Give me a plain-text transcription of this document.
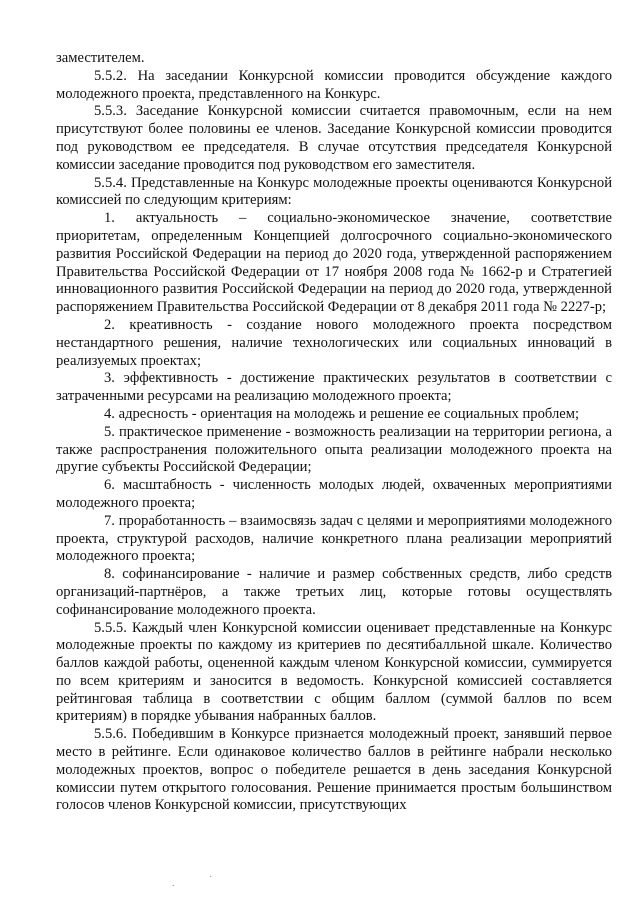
заместителем.

5.5.2. На заседании Конкурсной комиссии проводится обсуждение каждого молодежного проекта, представленного на Конкурс.

5.5.3. Заседание Конкурсной комиссии считается правомочным, если на нем присутствуют более половины ее членов. Заседание Конкурсной комиссии проводится под руководством ее председателя. В случае отсутствия председателя Конкурсной комиссии заседание проводится под руководством его заместителя.

5.5.4. Представленные на Конкурс молодежные проекты оцениваются Конкурсной комиссией по следующим критериям:

1. актуальность – социально-экономическое значение, соответствие приоритетам, определенным Концепцией долгосрочного социально-экономического развития Российской Федерации на период до 2020 года, утвержденной распоряжением Правительства Российской Федерации от 17 ноября 2008 года № 1662-р и Стратегией инновационного развития Российской Федерации на период до 2020 года, утвержденной распоряжением Правительства Российской Федерации от 8 декабря 2011 года № 2227-р;

2. креативность - создание нового молодежного проекта посредством нестандартного решения, наличие технологических или социальных инноваций в реализуемых проектах;

3. эффективность - достижение практических результатов в соответствии с затраченными ресурсами на реализацию молодежного проекта;

4. адресность - ориентация на молодежь и решение ее социальных проблем;

5. практическое применение - возможность реализации на территории региона, а также распространения положительного опыта реализации молодежного проекта на другие субъекты Российской Федерации;

6. масштабность - численность молодых людей, охваченных мероприятиями молодежного проекта;

7. проработанность – взаимосвязь задач с целями и мероприятиями молодежного проекта, структурой расходов, наличие конкретного плана реализации мероприятий молодежного проекта;

8. софинансирование - наличие и размер собственных средств, либо средств организаций-партнёров, а также третьих лиц, которые готовы осуществлять софинансирование молодежного проекта.

5.5.5. Каждый член Конкурсной комиссии оценивает представленные на Конкурс молодежные проекты по каждому из критериев по десятибалльной шкале. Количество баллов каждой работы, оцененной каждым членом Конкурсной комиссии, суммируется по всем критериям и заносится в ведомость. Конкурсной комиссией составляется рейтинговая таблица в соответствии с общим баллом (суммой баллов по всем критериям) в порядке убывания набранных баллов.

5.5.6. Победившим в Конкурсе признается молодежный проект, занявший первое место в рейтинге. Если одинаковое количество баллов в рейтинге набрали несколько молодежных проектов, вопрос о победителе решается в день заседания Конкурсной комиссии путем открытого голосования. Решение принимается простым большинством голосов членов Конкурсной комиссии, присутствующих

.
·
